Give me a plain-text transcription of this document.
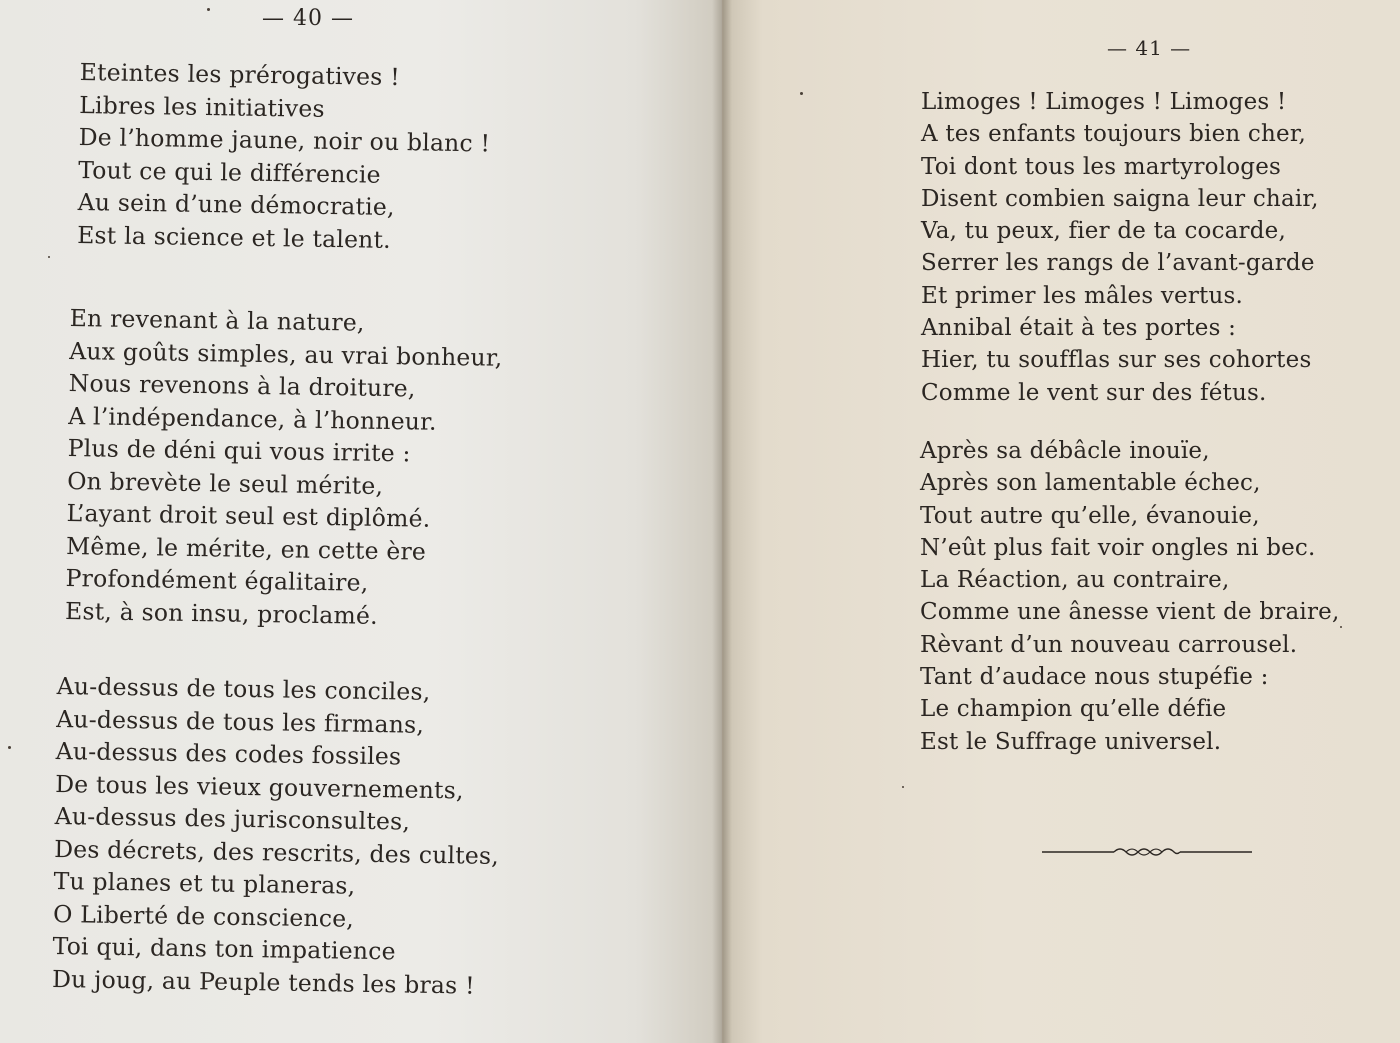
— 40 —
Eteintes les prérogatives !
Libres les initiatives
De l’homme jaune, noir ou blanc !
Tout ce qui le différencie
Au sein d’une démocratie,
Est la science et le talent.
En revenant à la nature,
Aux goûts simples, au vrai bonheur,
Nous revenons à la droiture,
A l’indépendance, à l’honneur.
Plus de déni qui vous irrite :
On brevète le seul mérite,
L’ayant droit seul est diplômé.
Même, le mérite, en cette ère
Profondément égalitaire,
Est, à son insu, proclamé.
Au-dessus de tous les conciles,
Au-dessus de tous les firmans,
Au-dessus des codes fossiles
De tous les vieux gouvernements,
Au-dessus des jurisconsultes,
Des décrets, des rescrits, des cultes,
Tu planes et tu planeras,
O Liberté de conscience,
Toi qui, dans ton impatience
Du joug, au Peuple tends les bras !
— 41 —
Limoges ! Limoges ! Limoges !
A tes enfants toujours bien cher,
Toi dont tous les martyrologes
Disent combien saigna leur chair,
Va, tu peux, fier de ta cocarde,
Serrer les rangs de l’avant-garde
Et primer les mâles vertus.
Annibal était à tes portes :
Hier, tu soufflas sur ses cohortes
Comme le vent sur des fétus.
Après sa débâcle inouïe,
Après son lamentable échec,
Tout autre qu’elle, évanouie,
N’eût plus fait voir ongles ni bec.
La Réaction, au contraire,
Comme une ânesse vient de braire,
Rèvant d’un nouveau carrousel.
Tant d’audace nous stupéfie :
Le champion qu’elle défie
Est le Suffrage universel.
